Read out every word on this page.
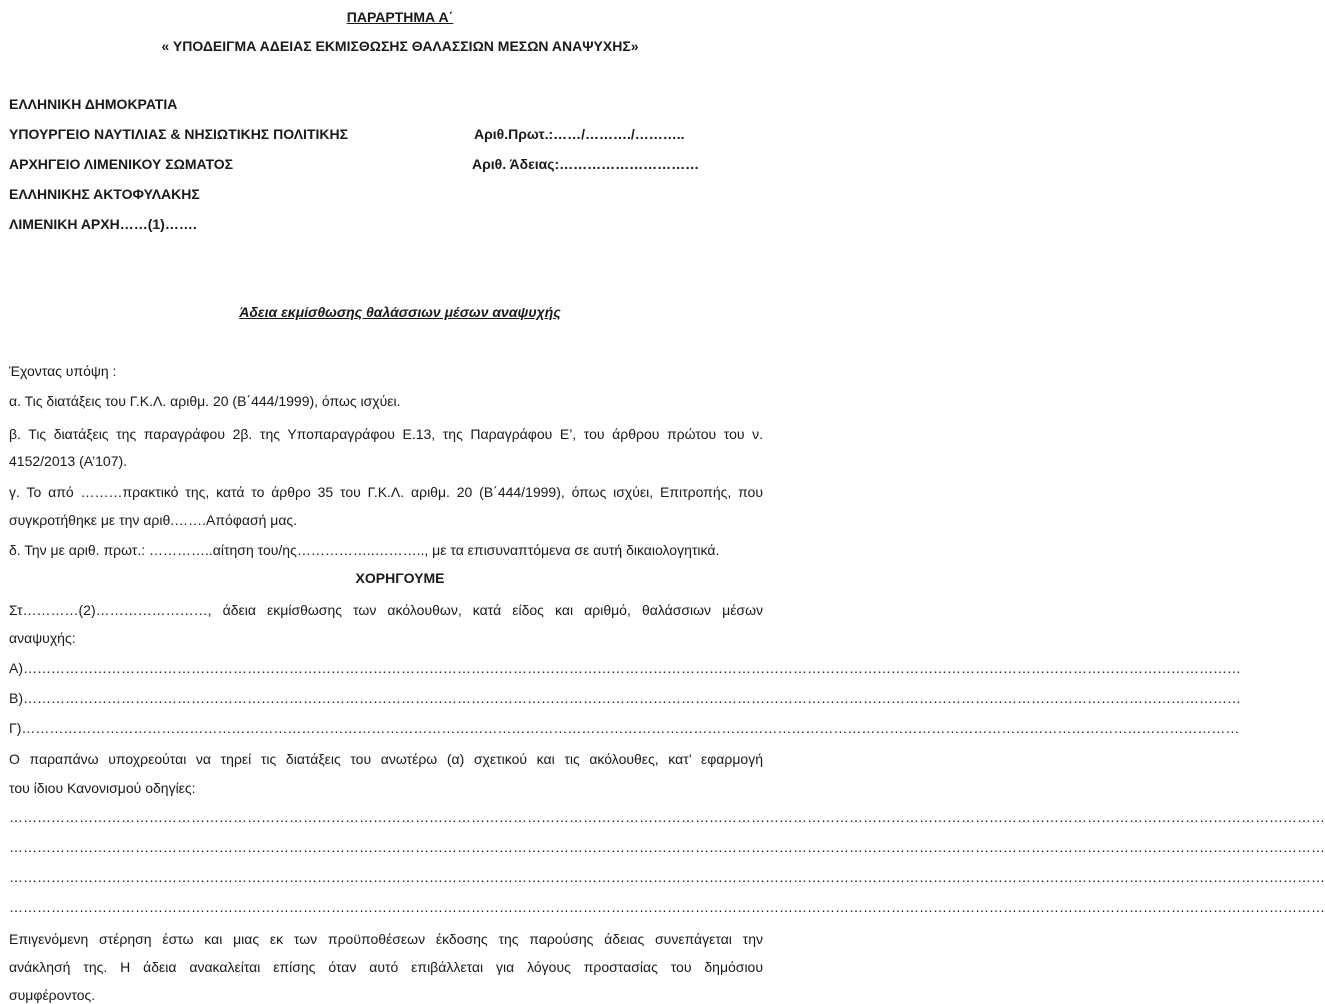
ΠΑΡΑΡΤΗΜΑ Α΄
« ΥΠΟΔΕΙΓΜΑ ΑΔΕΙΑΣ ΕΚΜΙΣΘΩΣΗΣ ΘΑΛΑΣΣΙΩΝ ΜΕΣΩΝ ΑΝΑΨΥΧΗΣ»
ΕΛΛΗΝΙΚΗ ΔΗΜΟΚΡΑΤΙΑ
ΥΠΟΥΡΓΕΙΟ ΝΑΥΤΙΛΙΑΣ & ΝΗΣΙΩΤΙΚΗΣ ΠΟΛΙΤΙΚΗΣ	Αριθ.Πρωτ.:……/………./………..
ΑΡΧΗΓΕΙΟ ΛΙΜΕΝΙΚΟΥ ΣΩΜΑΤΟΣ	Αριθ. Άδειας:…………………………
ΕΛΛΗΝΙΚΗΣ ΑΚΤΟΦΥΛΑΚΗΣ
ΛΙΜΕΝΙΚΗ ΑΡΧΗ……(1)…….
Άδεια εκμίσθωσης θαλάσσιων μέσων αναψυχής
Έχοντας υπόψη :
α. Τις διατάξεις του Γ.Κ.Λ. αριθμ. 20 (Β΄444/1999), όπως ισχύει.
β. Τις διατάξεις της παραγράφου 2β. της Υποπαραγράφου Ε.13, της Παραγράφου Ε’, του άρθρου πρώτου του ν.
4152/2013 (Α’107).
γ. Το από ………πρακτικό της, κατά το άρθρο 35 του Γ.Κ.Λ. αριθμ. 20 (Β΄444/1999), όπως ισχύει, Επιτροπής, που
συγκροτήθηκε με την αριθ.…….Απόφασή μας.
δ. Την με αριθ. πρωτ.: …………..αίτηση του/ης……………..……….., με τα επισυναπτόμενα σε αυτή δικαιολογητικά.
ΧΟΡΗΓΟΥΜΕ
Στ…………(2)……………………, άδεια εκμίσθωσης των ακόλουθων, κατά είδος και αριθμό, θαλάσσιων μέσων
αναψυχής:
Α)………………………………………………………………………………………………………………………………………………………………………………………………………………………………………
Β)………………………………………………………………………………………………………………………………………………………………………………………………………………………………………
Γ)………………………………………………………………………………………………………………………………………………………………………………………………………………………………………
Ο παραπάνω υποχρεούται να τηρεί τις διατάξεις του ανωτέρω (α) σχετικού και τις ακόλουθες, κατ’ εφαρμογή
του ίδιου Κανονισμού οδηγίες:
…………………………………………………………………………………………………………………………………………………………………………………………………………………………………………………………
…………………………………………………………………………………………………………………………………………………………………………………………………………………………………………………………
…………………………………………………………………………………………………………………………………………………………………………………………………………………………………………………………
…………………………………………………………………………………………………………………………………………………………………………………………………………………………………………………………
Επιγενόμενη στέρηση έστω και μιας εκ των προϋποθέσεων έκδοσης της παρούσης άδειας συνεπάγεται την
ανάκλησή της. Η άδεια ανακαλείται επίσης όταν αυτό επιβάλλεται για λόγους προστασίας του δημόσιου
συμφέροντος.
